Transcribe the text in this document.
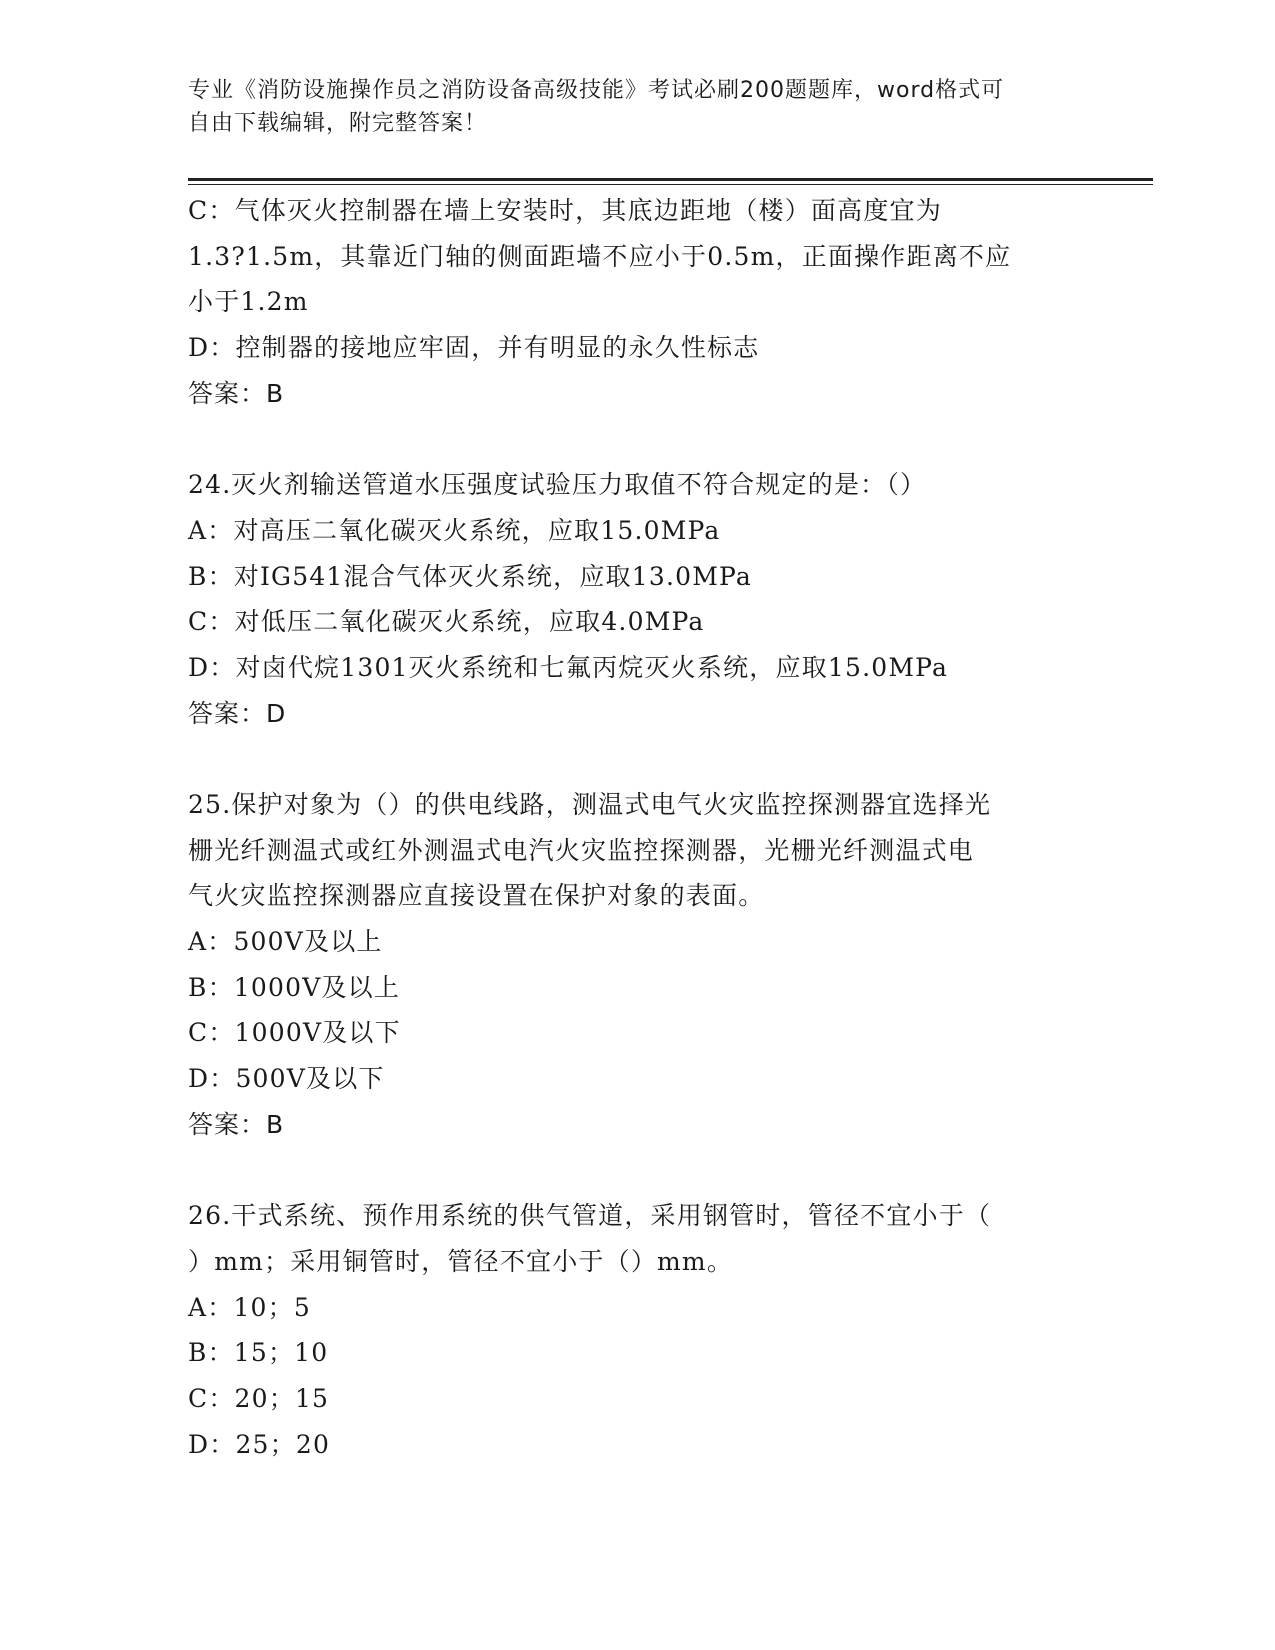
专业《消防设施操作员之消防设备高级技能》考试必刷200题题库，word格式可
自由下载编辑，附完整答案！
C：气体灭火控制器在墙上安装时，其底边距地（楼）面高度宜为
1.3?1.5m，其靠近门轴的侧面距墙不应小于0.5m，正面操作距离不应
小于1.2m
D：控制器的接地应牢固，并有明显的永久性标志
答案：B
24.灭火剂输送管道水压强度试验压力取值不符合规定的是：（）
A：对高压二氧化碳灭火系统，应取15.0MPa
B：对IG541混合气体灭火系统，应取13.0MPa
C：对低压二氧化碳灭火系统，应取4.0MPa
D：对卤代烷1301灭火系统和七氟丙烷灭火系统，应取15.0MPa
答案：D
25.保护对象为（）的供电线路，测温式电气火灾监控探测器宜选择光
栅光纤测温式或红外测温式电汽火灾监控探测器，光栅光纤测温式电
气火灾监控探测器应直接设置在保护对象的表面。
A：500V及以上
B：1000V及以上
C：1000V及以下
D：500V及以下
答案：B
26.干式系统、预作用系统的供气管道，采用钢管时，管径不宜小于（
）mm；采用铜管时，管径不宜小于（）mm。
A：10；5
B：15；10
C：20；15
D：25；20
